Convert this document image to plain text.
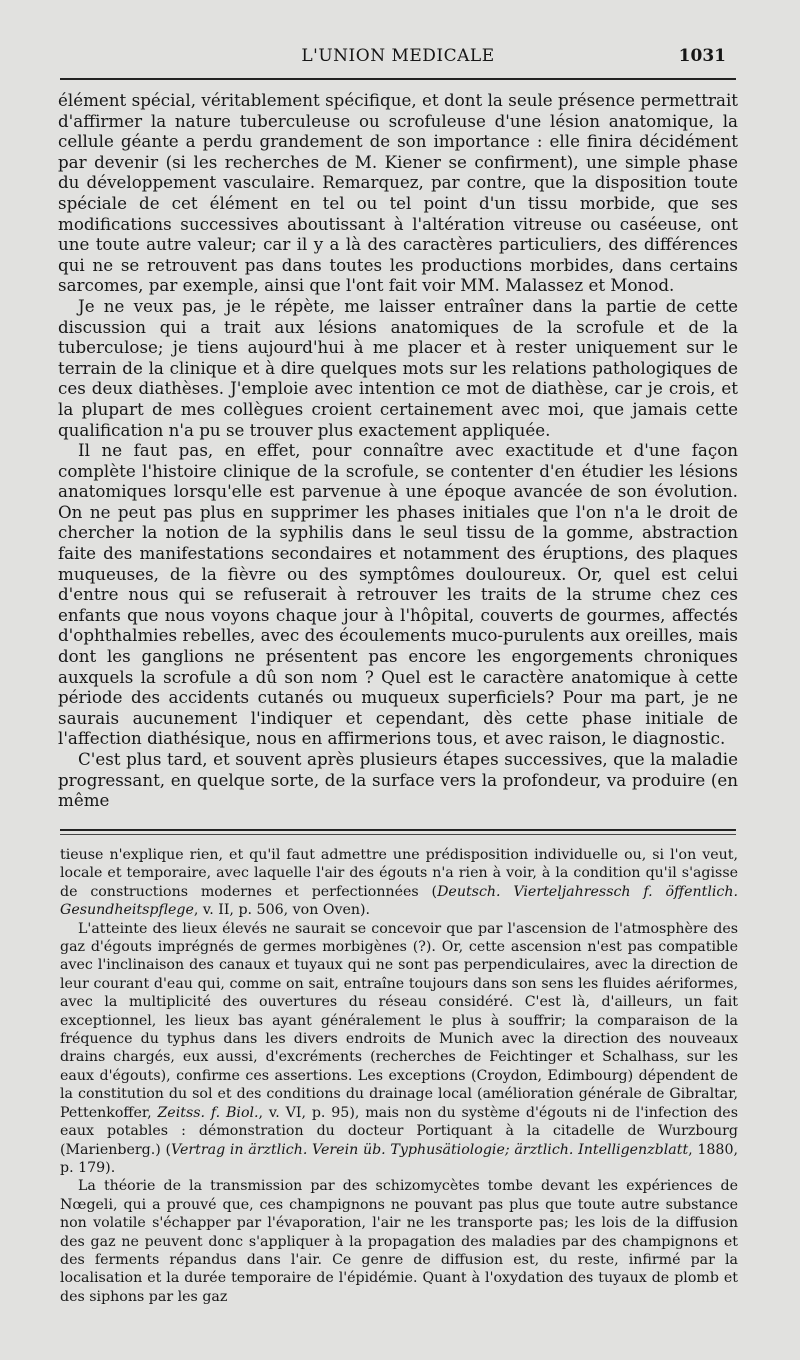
L'UNION MEDICALE	1031

élément spécial, véritablement spécifique, et dont la seule présence permettrait d'affirmer la nature tuberculeuse ou scrofuleuse d'une lésion anatomique, la cellule géante a perdu grandement de son importance : elle finira décidément par devenir (si les recherches de M. Kiener se confirment), une simple phase du développement vasculaire. Remarquez, par contre, que la disposition toute spéciale de cet élément en tel ou tel point d'un tissu morbide, que ses modifications successives aboutissant à l'altération vitreuse ou caséeuse, ont une toute autre valeur; car il y a là des caractères particuliers, des différences qui ne se retrouvent pas dans toutes les productions morbides, dans certains sarcomes, par exemple, ainsi que l'ont fait voir MM. Malassez et Monod.

Je ne veux pas, je le répète, me laisser entraîner dans la partie de cette discussion qui a trait aux lésions anatomiques de la scrofule et de la tuberculose; je tiens aujourd'hui à me placer et à rester uniquement sur le terrain de la clinique et à dire quelques mots sur les relations pathologiques de ces deux diathèses. J'emploie avec intention ce mot de diathèse, car je crois, et la plupart de mes collègues croient certainement avec moi, que jamais cette qualification n'a pu se trouver plus exactement appliquée.

Il ne faut pas, en effet, pour connaître avec exactitude et d'une façon complète l'histoire clinique de la scrofule, se contenter d'en étudier les lésions anatomiques lorsqu'elle est parvenue à une époque avancée de son évolution. On ne peut pas plus en supprimer les phases initiales que l'on n'a le droit de chercher la notion de la syphilis dans le seul tissu de la gomme, abstraction faite des manifestations secondaires et notamment des éruptions, des plaques muqueuses, de la fièvre ou des symptômes douloureux. Or, quel est celui d'entre nous qui se refuserait à retrouver les traits de la strume chez ces enfants que nous voyons chaque jour à l'hôpital, couverts de gourmes, affectés d'ophthalmies rebelles, avec des écoulements muco-purulents aux oreilles, mais dont les ganglions ne présentent pas encore les engorgements chroniques auxquels la scrofule a dû son nom ? Quel est le caractère anatomique à cette période des accidents cutanés ou muqueux superficiels? Pour ma part, je ne saurais aucunement l'indiquer et cependant, dès cette phase initiale de l'affection diathésique, nous en affirmerions tous, et avec raison, le diagnostic.

C'est plus tard, et souvent après plusieurs étapes successives, que la maladie progressant, en quelque sorte, de la surface vers la profondeur, va produire (en même

tieuse n'explique rien, et qu'il faut admettre une prédisposition individuelle ou, si l'on veut, locale et temporaire, avec laquelle l'air des égouts n'a rien à voir, à la condition qu'il s'agisse de constructions modernes et perfectionnées (Deutsch. Vierteljahressch f. öffentlich. Gesundheitspflege, v. II, p. 506, von Oven).

L'atteinte des lieux élevés ne saurait se concevoir que par l'ascension de l'atmosphère des gaz d'égouts imprégnés de germes morbigènes (?). Or, cette ascension n'est pas compatible avec l'inclinaison des canaux et tuyaux qui ne sont pas perpendiculaires, avec la direction de leur courant d'eau qui, comme on sait, entraîne toujours dans son sens les fluides aériformes, avec la multiplicité des ouvertures du réseau considéré. C'est là, d'ailleurs, un fait exceptionnel, les lieux bas ayant généralement le plus à souffrir; la comparaison de la fréquence du typhus dans les divers endroits de Munich avec la direction des nouveaux drains chargés, eux aussi, d'excréments (recherches de Feichtinger et Schalhass, sur les eaux d'égouts), confirme ces assertions. Les exceptions (Croydon, Edimbourg) dépendent de la constitution du sol et des conditions du drainage local (amélioration générale de Gibraltar, Pettenkoffer, Zeitss. f. Biol., v. VI, p. 95), mais non du système d'égouts ni de l'infection des eaux potables : démonstration du docteur Portiquant à la citadelle de Wurzbourg (Marienberg.) (Vertrag in ärztlich. Verein üb. Typhusätiologie; ärztlich. Intelligenzblatt, 1880, p. 179).

La théorie de la transmission par des schizomycètes tombe devant les expériences de Nœgeli, qui a prouvé que, ces champignons ne pouvant pas plus que toute autre substance non volatile s'échapper par l'évaporation, l'air ne les transporte pas; les lois de la diffusion des gaz ne peuvent donc s'appliquer à la propagation des maladies par des champignons et des ferments répandus dans l'air. Ce genre de diffusion est, du reste, infirmé par la localisation et la durée temporaire de l'épidémie. Quant à l'oxydation des tuyaux de plomb et des siphons par les gaz
